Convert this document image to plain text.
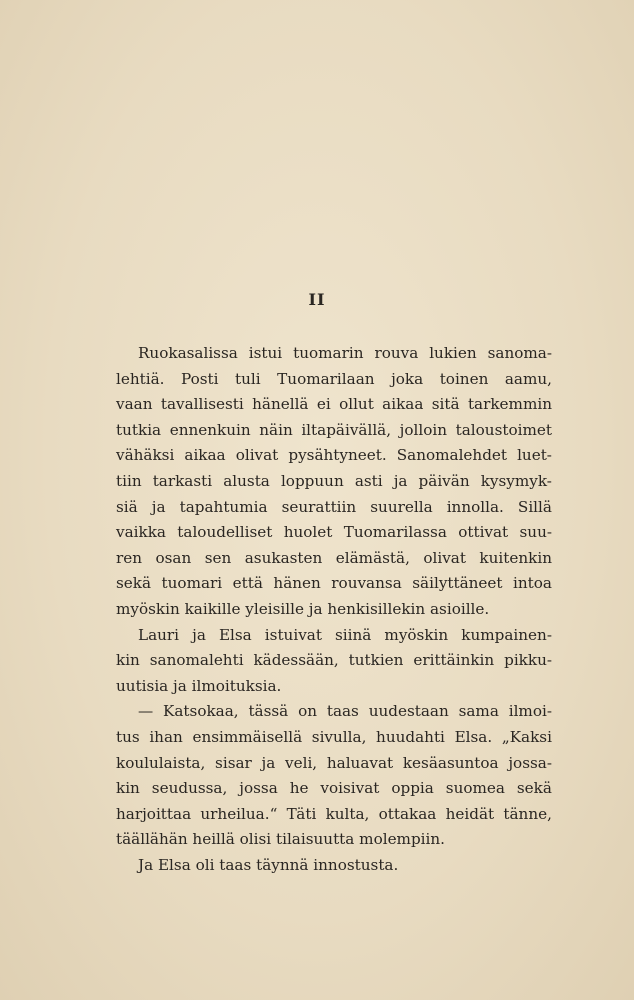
II
Ruokasalissa istui tuomarin rouva lukien sanoma-
lehtiä. Posti tuli Tuomarilaan joka toinen aamu,
vaan tavallisesti hänellä ei ollut aikaa sitä tarkemmin
tutkia ennenkuin näin iltapäivällä, jolloin taloustoimet
vähäksi aikaa olivat pysähtyneet. Sanomalehdet luet-
tiin tarkasti alusta loppuun asti ja päivän kysymyk-
siä ja tapahtumia seurattiin suurella innolla. Sillä
vaikka taloudelliset huolet Tuomarilassa ottivat suu-
ren osan sen asukasten elämästä, olivat kuitenkin
sekä tuomari että hänen rouvansa säilyttäneet intoa
myöskin kaikille yleisille ja henkisillekin asioille.
Lauri ja Elsa istuivat siinä myöskin kumpainen-
kin sanomalehti kädessään, tutkien erittäinkin pikku-
uutisia ja ilmoituksia.
— Katsokaa, tässä on taas uudestaan sama ilmoi-
tus ihan ensimmäisellä sivulla, huudahti Elsa. „Kaksi
koululaista, sisar ja veli, haluavat kesäasuntoa jossa-
kin seudussa, jossa he voisivat oppia suomea sekä
harjoittaa urheilua.“ Täti kulta, ottakaa heidät tänne,
täällähän heillä olisi tilaisuutta molempiin.
Ja Elsa oli taas täynnä innostusta.
